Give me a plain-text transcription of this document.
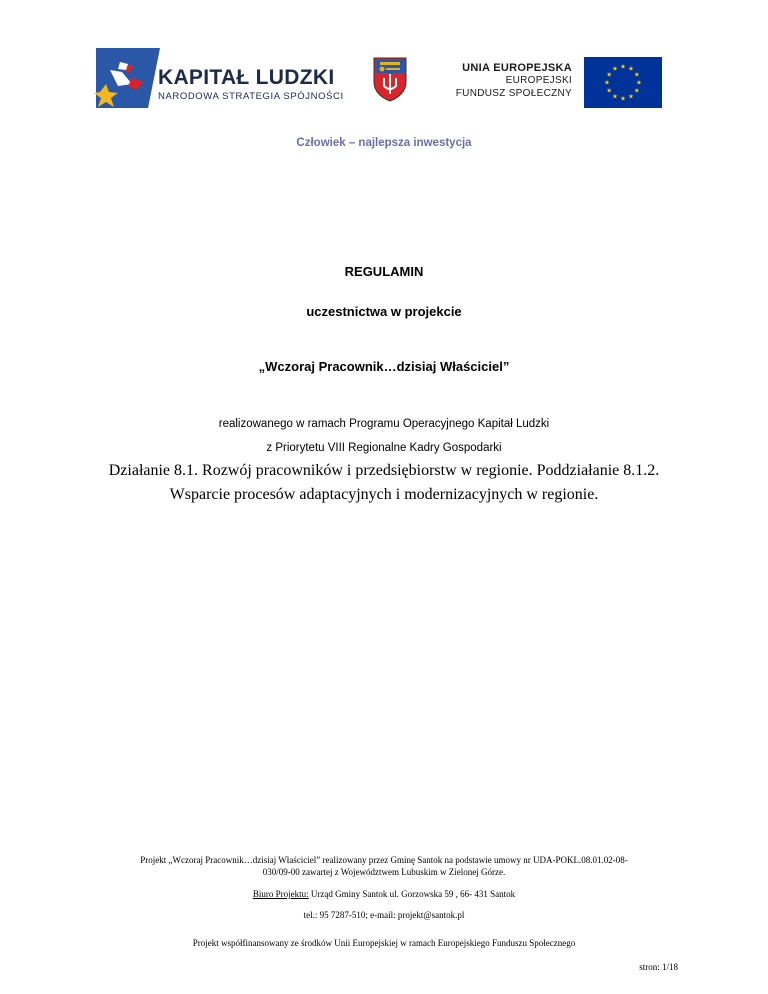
KAPITAŁ LUDZKI
NARODOWA STRATEGIA SPÓJNOŚCI
UNIA EUROPEJSKA
EUROPEJSKI
FUNDUSZ SPOŁECZNY
Człowiek – najlepsza inwestycja
REGULAMIN
uczestnictwa w projekcie
„Wczoraj Pracownik…dzisiaj Właściciel”
realizowanego w ramach Programu Operacyjnego Kapitał Ludzki
z Priorytetu VIII Regionalne Kadry Gospodarki
Działanie 8.1. Rozwój pracowników i przedsiębiorstw w regionie. Poddziałanie 8.1.2.
Wsparcie procesów adaptacyjnych i modernizacyjnych w regionie.
Projekt „Wczoraj Pracownik…dzisiaj Właściciel” realizowany przez Gminę Santok na podstawie umowy nr UDA-POKL.08.01.02-08-
030/09-00 zawartej z Województwem Lubuskim w Zielonej Górze.
Biuro Projektu: Urząd Gminy Santok ul. Gorzowska 59 , 66- 431 Santok
tel.: 95 7287-510; e-mail: projekt@santok.pl
Projekt współfinansowany ze środków Unii Europejskiej w ramach Europejskiego Funduszu Społecznego
stron: 1/18
